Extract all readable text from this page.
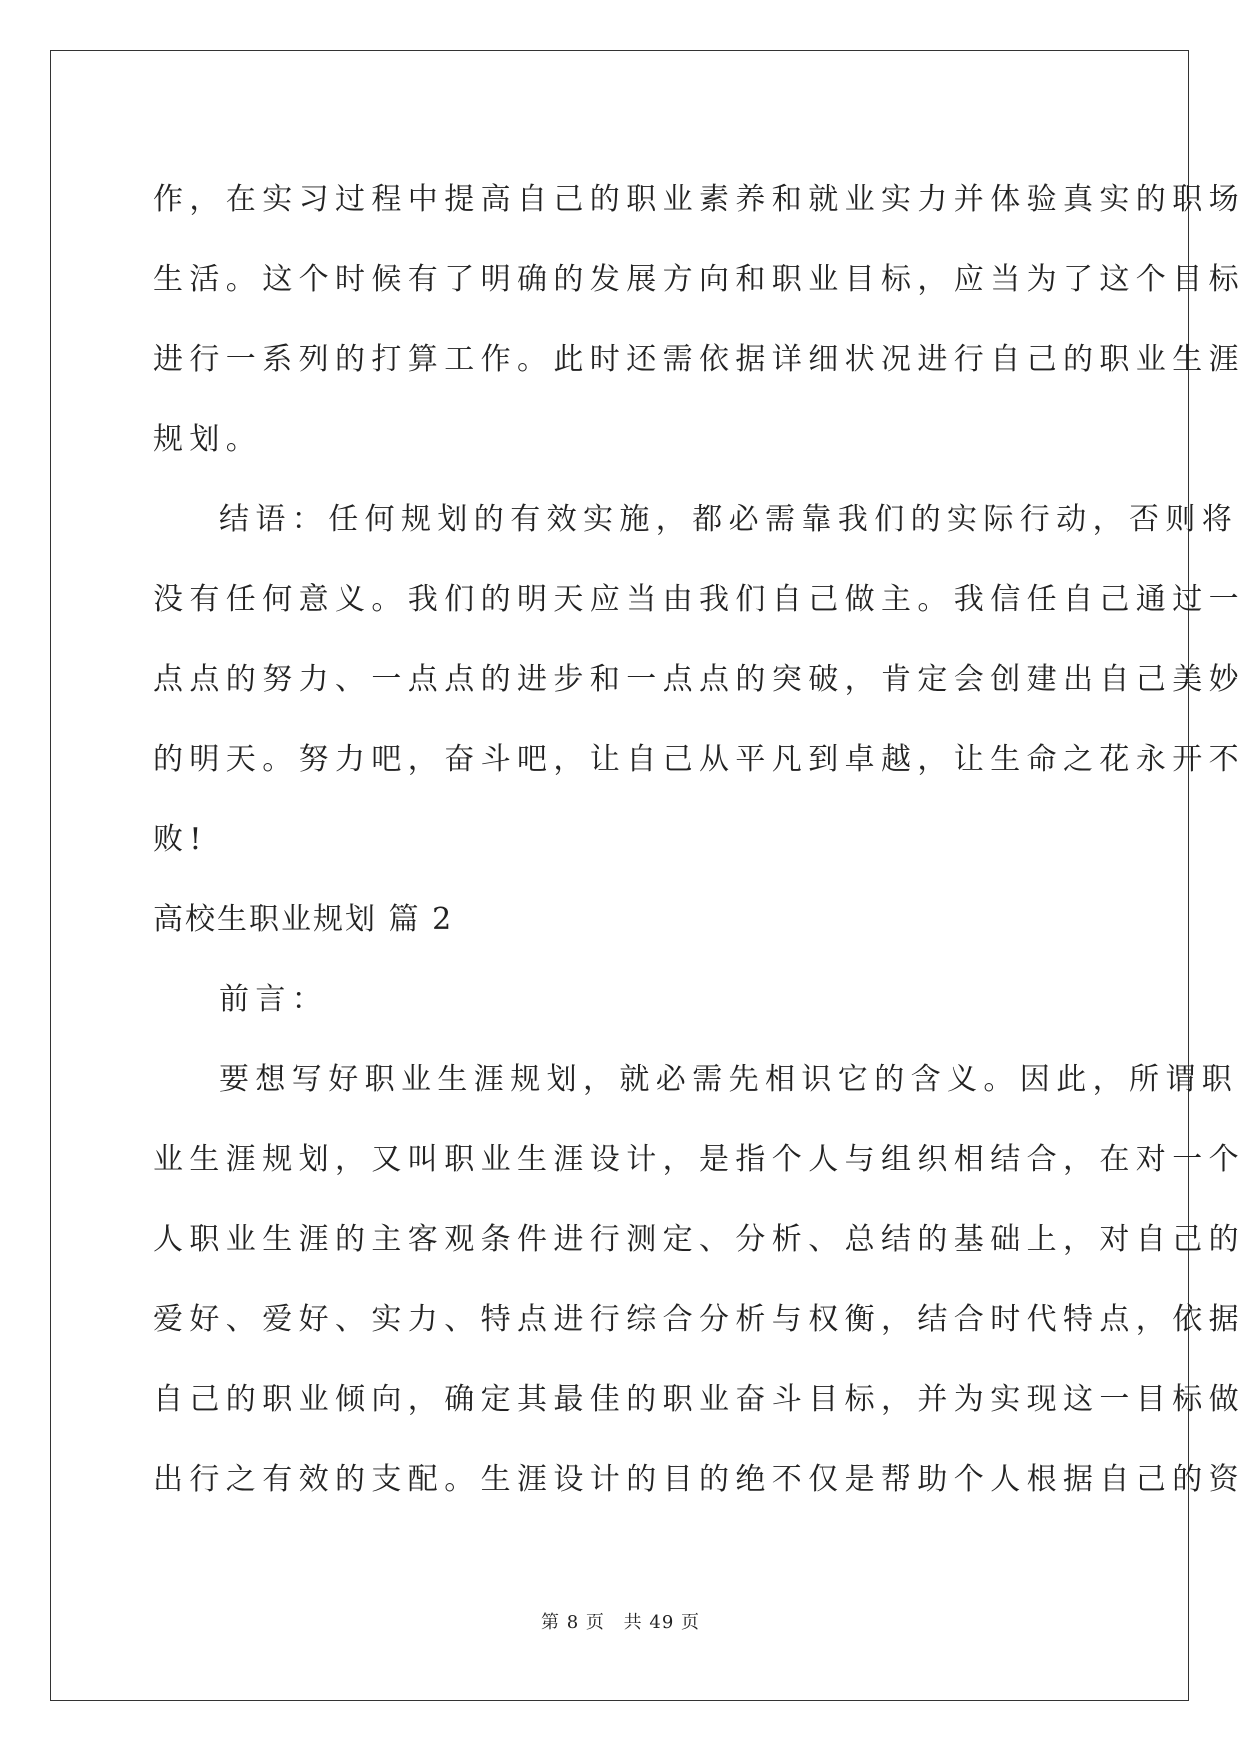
作，在实习过程中提高自己的职业素养和就业实力并体验真实的职场
生活。这个时候有了明确的发展方向和职业目标，应当为了这个目标
进行一系列的打算工作。此时还需依据详细状况进行自己的职业生涯
规划。
结语：任何规划的有效实施，都必需靠我们的实际行动，否则将
没有任何意义。我们的明天应当由我们自己做主。我信任自己通过一
点点的努力、一点点的进步和一点点的突破，肯定会创建出自己美妙
的明天。努力吧，奋斗吧，让自己从平凡到卓越，让生命之花永开不
败!
高校生职业规划 篇 2
前言：
要想写好职业生涯规划，就必需先相识它的含义。因此，所谓职
业生涯规划，又叫职业生涯设计，是指个人与组织相结合，在对一个
人职业生涯的主客观条件进行测定、分析、总结的基础上，对自己的
爱好、爱好、实力、特点进行综合分析与权衡，结合时代特点，依据
自己的职业倾向，确定其最佳的职业奋斗目标，并为实现这一目标做
出行之有效的支配。生涯设计的目的绝不仅是帮助个人根据自己的资
第 8 页 共 49 页
